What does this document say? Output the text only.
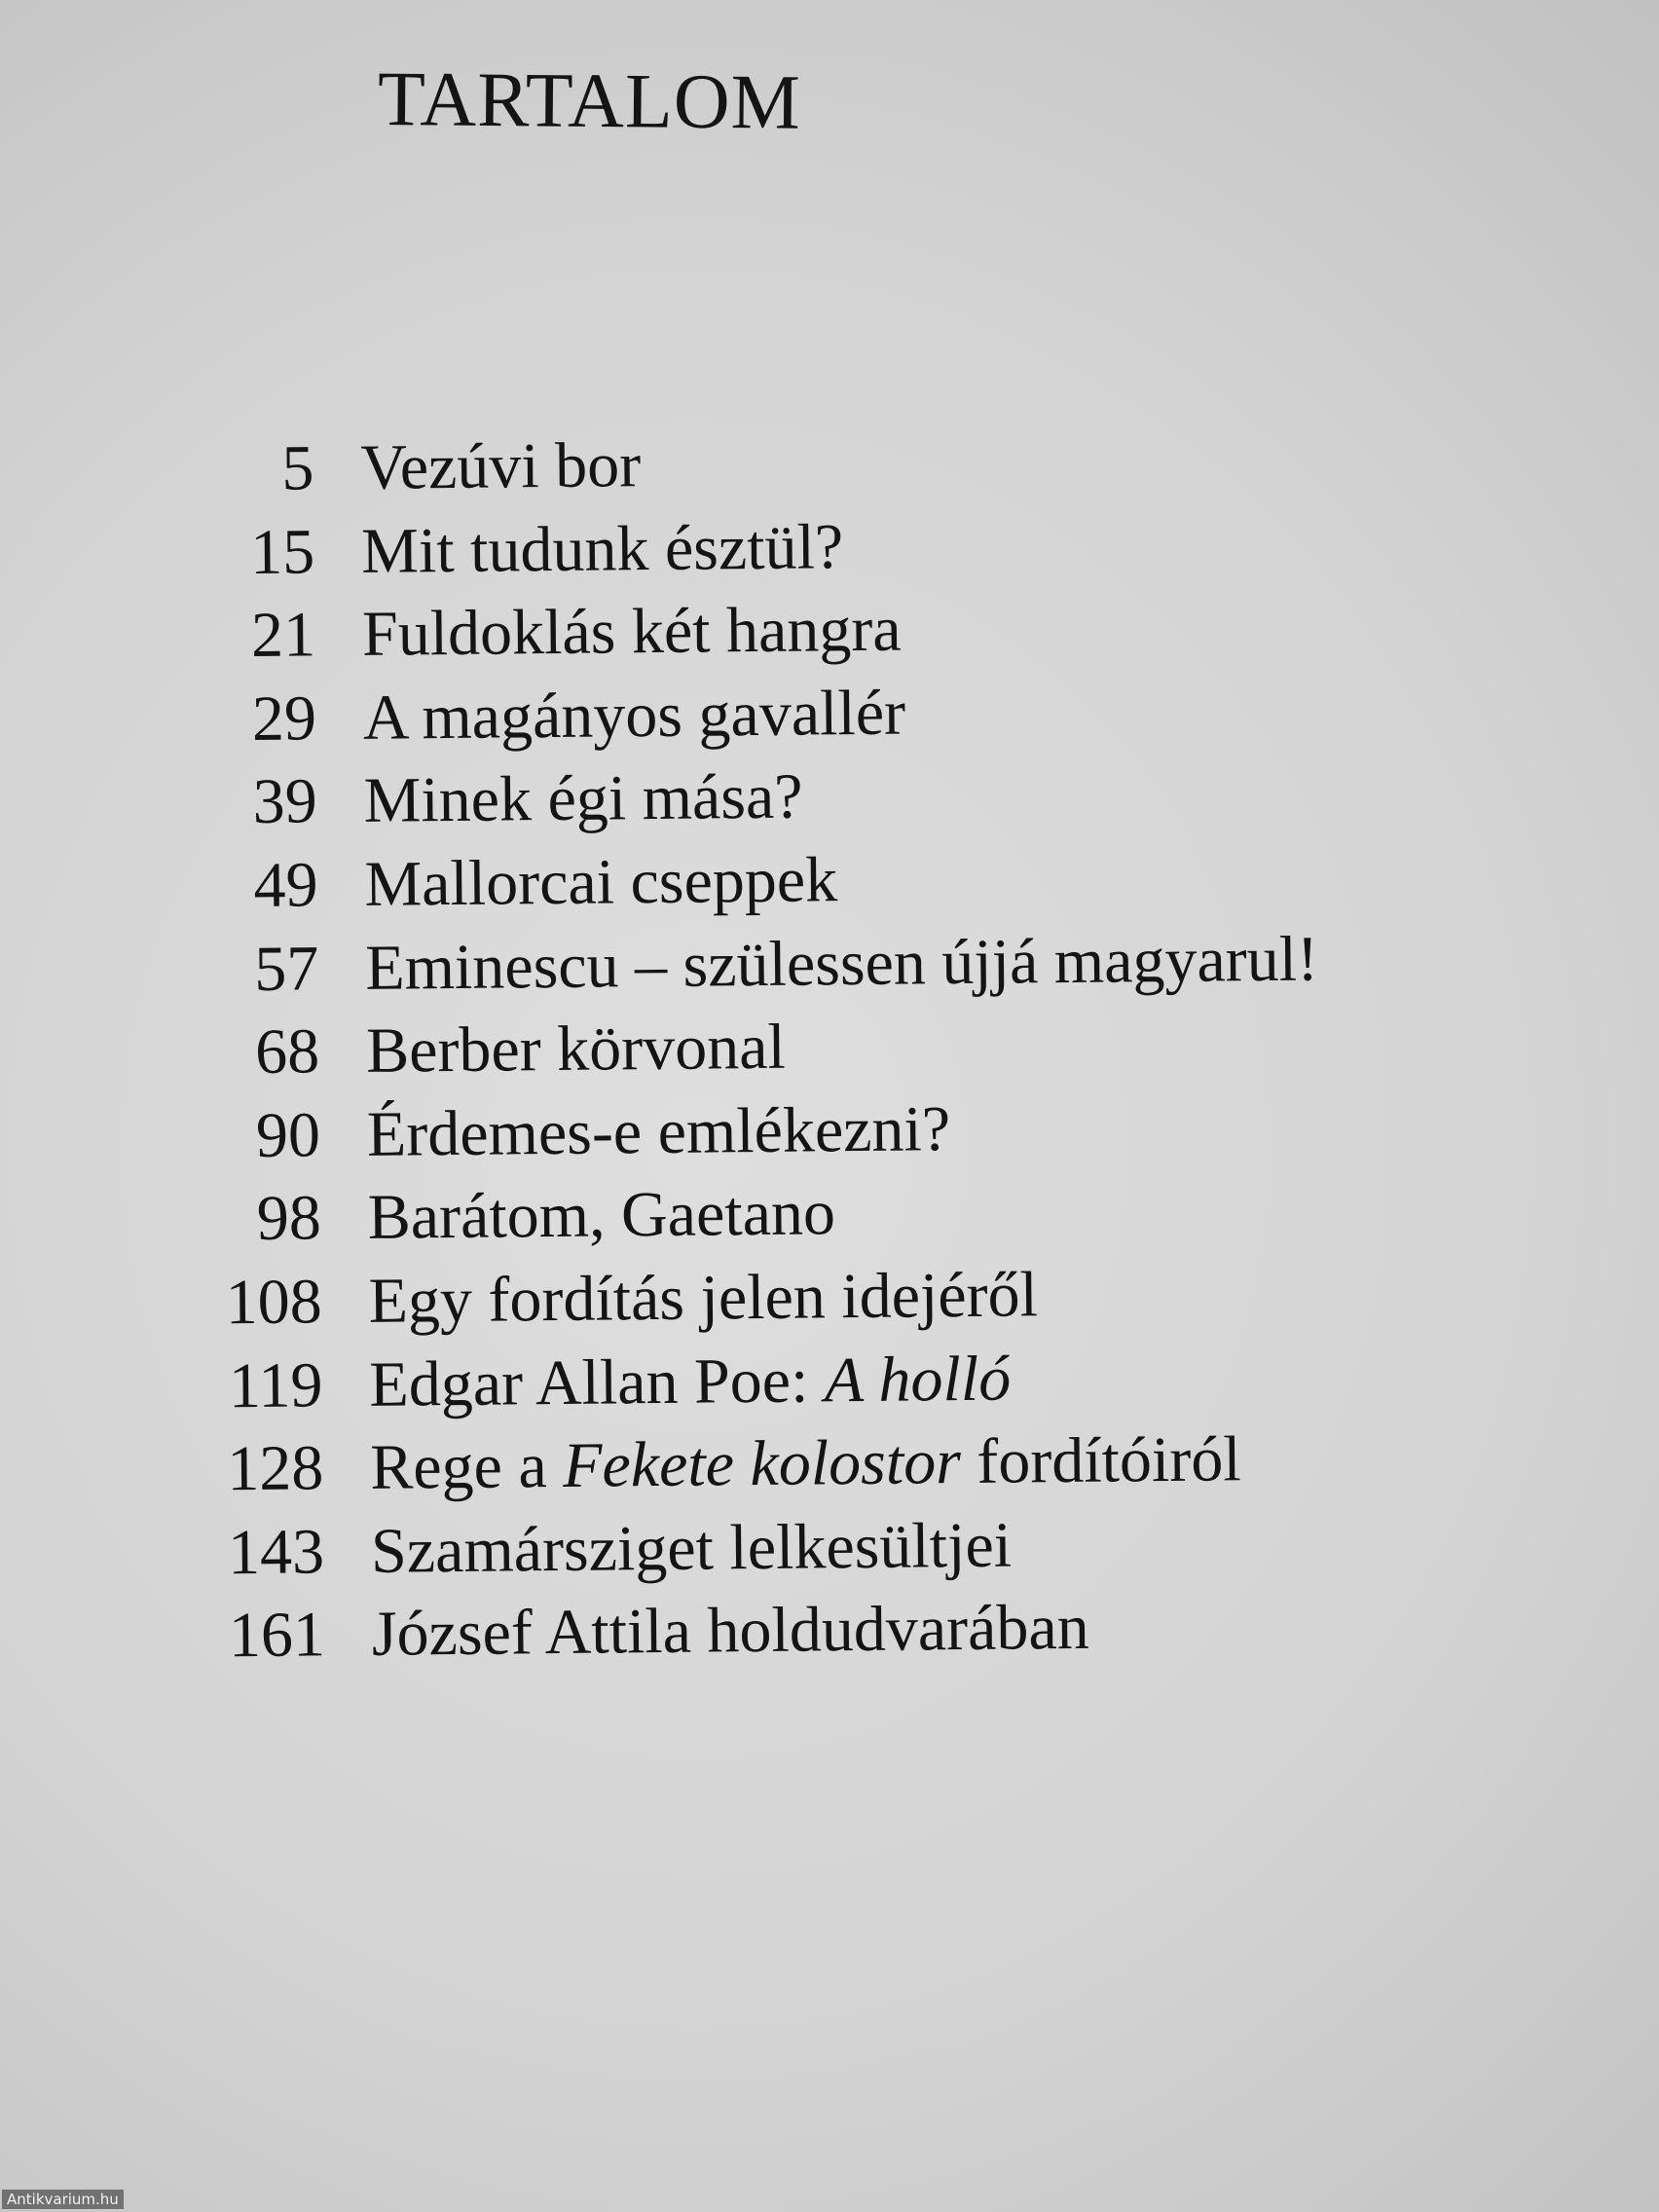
TARTALOM
5 Vezúvi bor
15 Mit tudunk észtül?
21 Fuldoklás két hangra
29 A magányos gavallér
39 Minek égi mása?
49 Mallorcai cseppek
57 Eminescu – szülessen újjá magyarul!
68 Berber körvonal
90 Érdemes-e emlékezni?
98 Barátom, Gaetano
108 Egy fordítás jelen idejéről
119 Edgar Allan Poe: A holló
128 Rege a Fekete kolostor fordítóiról
143 Szamársziget lelkesültjei
161 József Attila holdudvarában
Antikvarium.hu
